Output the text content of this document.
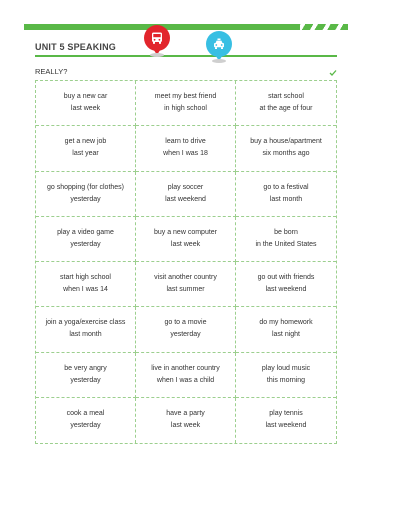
UNIT 5 SPEAKING
REALLY?
buy a new car
last week
meet my best friend
in high school
start school
at the age of four
get a new job
last year
learn to drive
when I was 18
buy a house/apartment
six months ago
go shopping (for clothes)
yesterday
play soccer
last weekend
go to a festival
last month
play a video game
yesterday
buy a new computer
last week
be born
in the United States
start high school
when I was 14
visit another country
last summer
go out with friends
last weekend
join a yoga/exercise class
last month
go to a movie
yesterday
do my homework
last night
be very angry
yesterday
live in another country
when I was a child
play loud music
this morning
cook a meal
yesterday
have a party
last week
play tennis
last weekend
